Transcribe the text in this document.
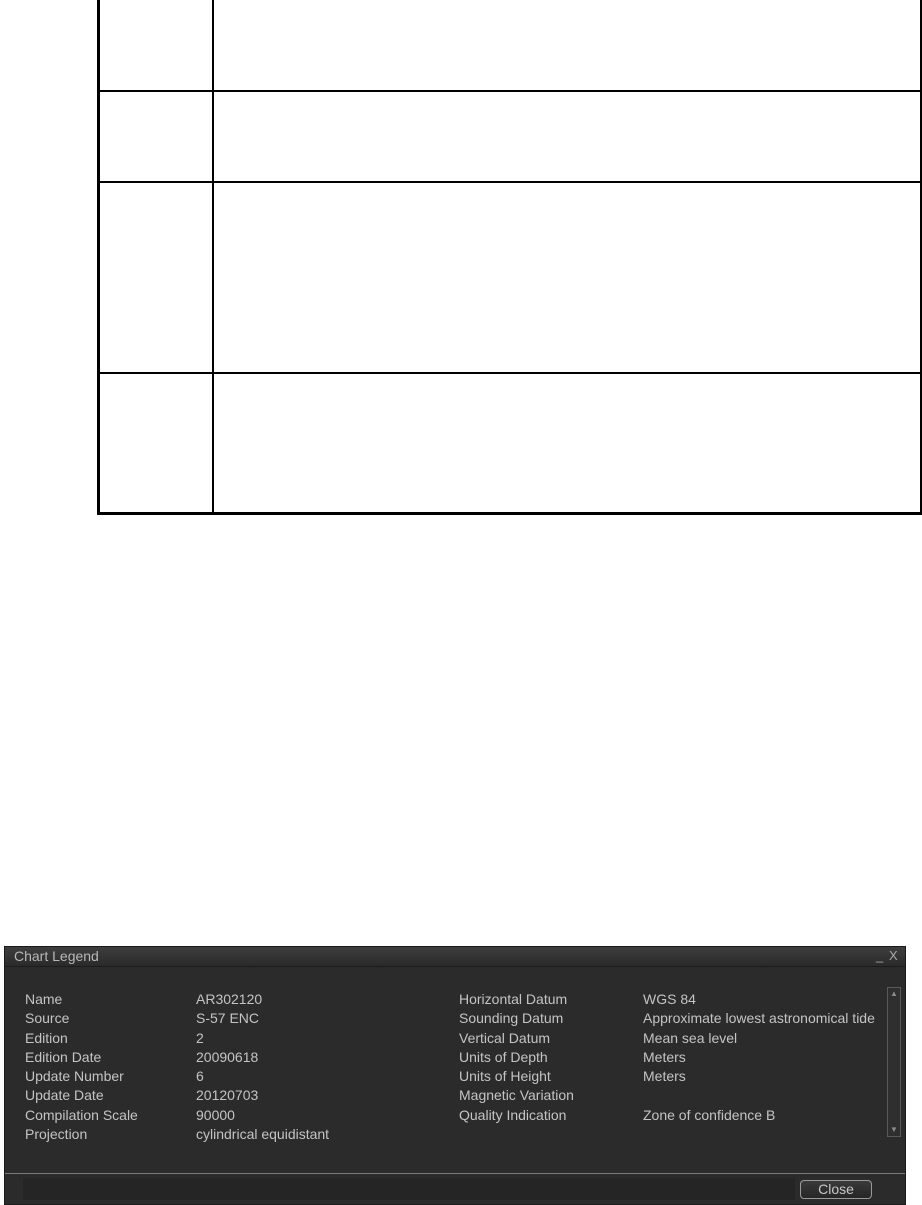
Chart Legend	_ X
Name	AR302120
Source	S-57 ENC
Edition	2
Edition Date	20090618
Update Number	6
Update Date	20120703
Compilation Scale	90000
Projection	cylindrical equidistant
Horizontal Datum	WGS 84
Sounding Datum	Approximate lowest astronomical tide
Vertical Datum	Mean sea level
Units of Depth	Meters
Units of Height	Meters
Magnetic Variation
Quality Indication	Zone of confidence B
▲
▼
Close
